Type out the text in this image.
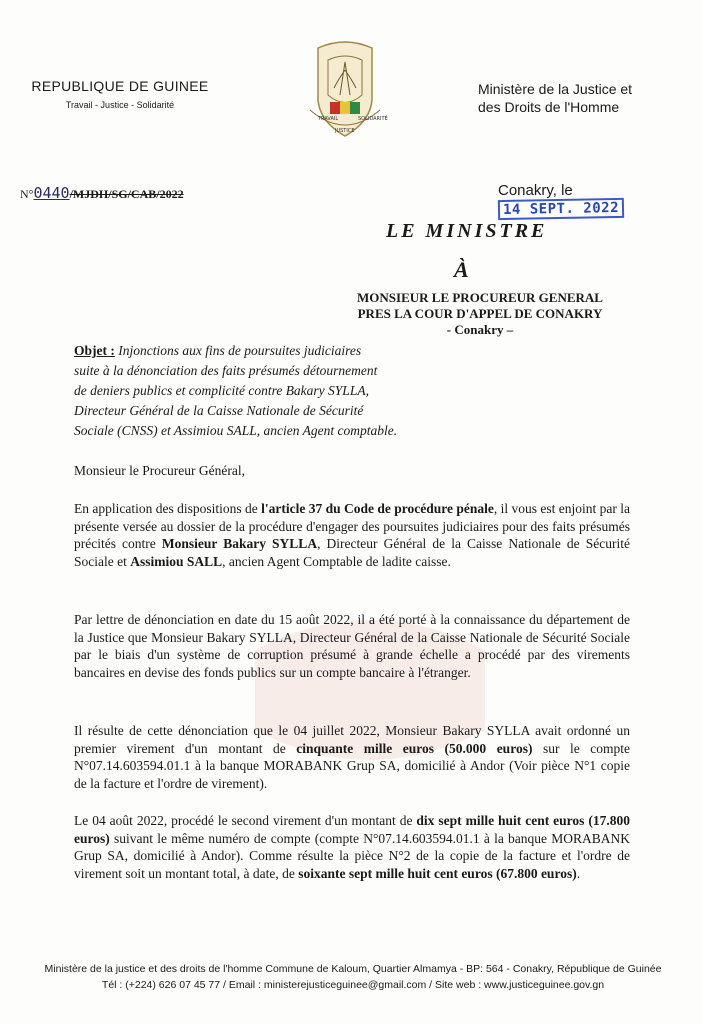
REPUBLIQUE DE GUINEE
Travail - Justice - Solidarité
TRAVAIL
JUSTICE
SOLIDARITÉ
Ministère de la Justice et
des Droits de l'Homme
N°0440/MJDH/SG/CAB/2022	Conakry, le 14 SEPT. 2022
LE MINISTRE
À
MONSIEUR LE PROCUREUR GENERAL
PRES LA COUR D'APPEL DE CONAKRY
- Conakry –
Objet : Injonctions aux fins de poursuites judiciaires
suite à la dénonciation des faits présumés détournement
de deniers publics et complicité contre Bakary SYLLA,
Directeur Général de la Caisse Nationale de Sécurité
Sociale (CNSS) et Assimiou SALL, ancien Agent comptable.
Monsieur le Procureur Général,
En application des dispositions de l'article 37 du Code de procédure pénale, il vous est enjoint par la présente versée au dossier de la procédure d'engager des poursuites judiciaires pour des faits présumés précités contre Monsieur Bakary SYLLA, Directeur Général de la Caisse Nationale de Sécurité Sociale et Assimiou SALL, ancien Agent Comptable de ladite caisse.
Par lettre de dénonciation en date du 15 août 2022, il a été porté à la connaissance du département de la Justice que Monsieur Bakary SYLLA, Directeur Général de la Caisse Nationale de Sécurité Sociale par le biais d'un système de corruption présumé à grande échelle a procédé par des virements bancaires en devise des fonds publics sur un compte bancaire à l'étranger.
Il résulte de cette dénonciation que le 04 juillet 2022, Monsieur Bakary SYLLA avait ordonné un premier virement d'un montant de cinquante mille euros (50.000 euros) sur le compte N°07.14.603594.01.1 à la banque MORABANK Grup SA, domicilié à Andor (Voir pièce N°1 copie de la facture et l'ordre de virement).
Le 04 août 2022, procédé le second virement d'un montant de dix sept mille huit cent euros (17.800 euros) suivant le même numéro de compte (compte N°07.14.603594.01.1 à la banque MORABANK Grup SA, domicilié à Andor). Comme résulte la pièce N°2 de la copie de la facture et l'ordre de virement soit un montant total, à date, de soixante sept mille huit cent euros (67.800 euros).
Ministère de la justice et des droits de l'homme Commune de Kaloum, Quartier Almamya - BP: 564 - Conakry, République de Guinée
Tél : (+224) 626 07 45 77 / Email : ministerejusticeguinee@gmail.com / Site web : www.justiceguinee.gov.gn
